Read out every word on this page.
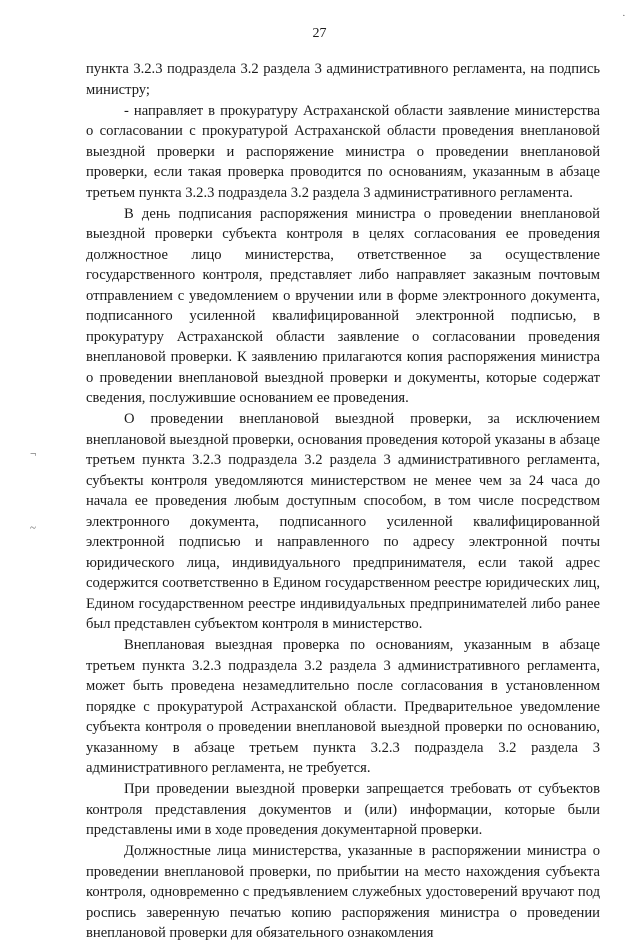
27
·
¬
~

пункта 3.2.3 подраздела 3.2 раздела 3 административного регламента, на подпись министру;

- направляет в прокуратуру Астраханской области заявление министерства о согласовании с прокуратурой Астраханской области проведения внеплановой выездной проверки и распоряжение министра о проведении внеплановой проверки, если такая проверка проводится по основаниям, указанным в абзаце третьем пункта 3.2.3 подраздела 3.2 раздела 3 административного регламента.

В день подписания распоряжения министра о проведении внеплановой выездной проверки субъекта контроля в целях согласования ее проведения должностное лицо министерства, ответственное за осуществление государственного контроля, представляет либо направляет заказным почтовым отправлением с уведомлением о вручении или в форме электронного документа, подписанного усиленной квалифицированной электронной подписью, в прокуратуру Астраханской области заявление о согласовании проведения внеплановой проверки. К заявлению прилагаются копия распоряжения министра о проведении внеплановой выездной проверки и документы, которые содержат сведения, послужившие основанием ее проведения.

О проведении внеплановой выездной проверки, за исключением внеплановой выездной проверки, основания проведения которой указаны в абзаце третьем пункта 3.2.3 подраздела 3.2 раздела 3 административного регламента, субъекты контроля уведомляются министерством не менее чем за 24 часа до начала ее проведения любым доступным способом, в том числе посредством электронного документа, подписанного усиленной квалифицированной электронной подписью и направленного по адресу электронной почты юридического лица, индивидуального предпринимателя, если такой адрес содержится соответственно в Едином государственном реестре юридических лиц, Едином государственном реестре индивидуальных предпринимателей либо ранее был представлен субъектом контроля в министерство.

Внеплановая выездная проверка по основаниям, указанным в абзаце третьем пункта 3.2.3 подраздела 3.2 раздела 3 административного регламента, может быть проведена незамедлительно после согласования в установленном порядке с прокуратурой Астраханской области. Предварительное уведомление субъекта контроля о проведении внеплановой выездной проверки по основанию, указанному в абзаце третьем пункта 3.2.3 подраздела 3.2 раздела 3 административного регламента, не требуется.

При проведении выездной проверки запрещается требовать от субъектов контроля представления документов и (или) информации, которые были представлены ими в ходе проведения документарной проверки.

Должностные лица министерства, указанные в распоряжении министра о проведении внеплановой проверки, по прибытии на место нахождения субъекта контроля, одновременно с предъявлением служебных удостоверений вручают под роспись заверенную печатью копию распоряжения министра о проведении внеплановой проверки для обязательного ознакомления
